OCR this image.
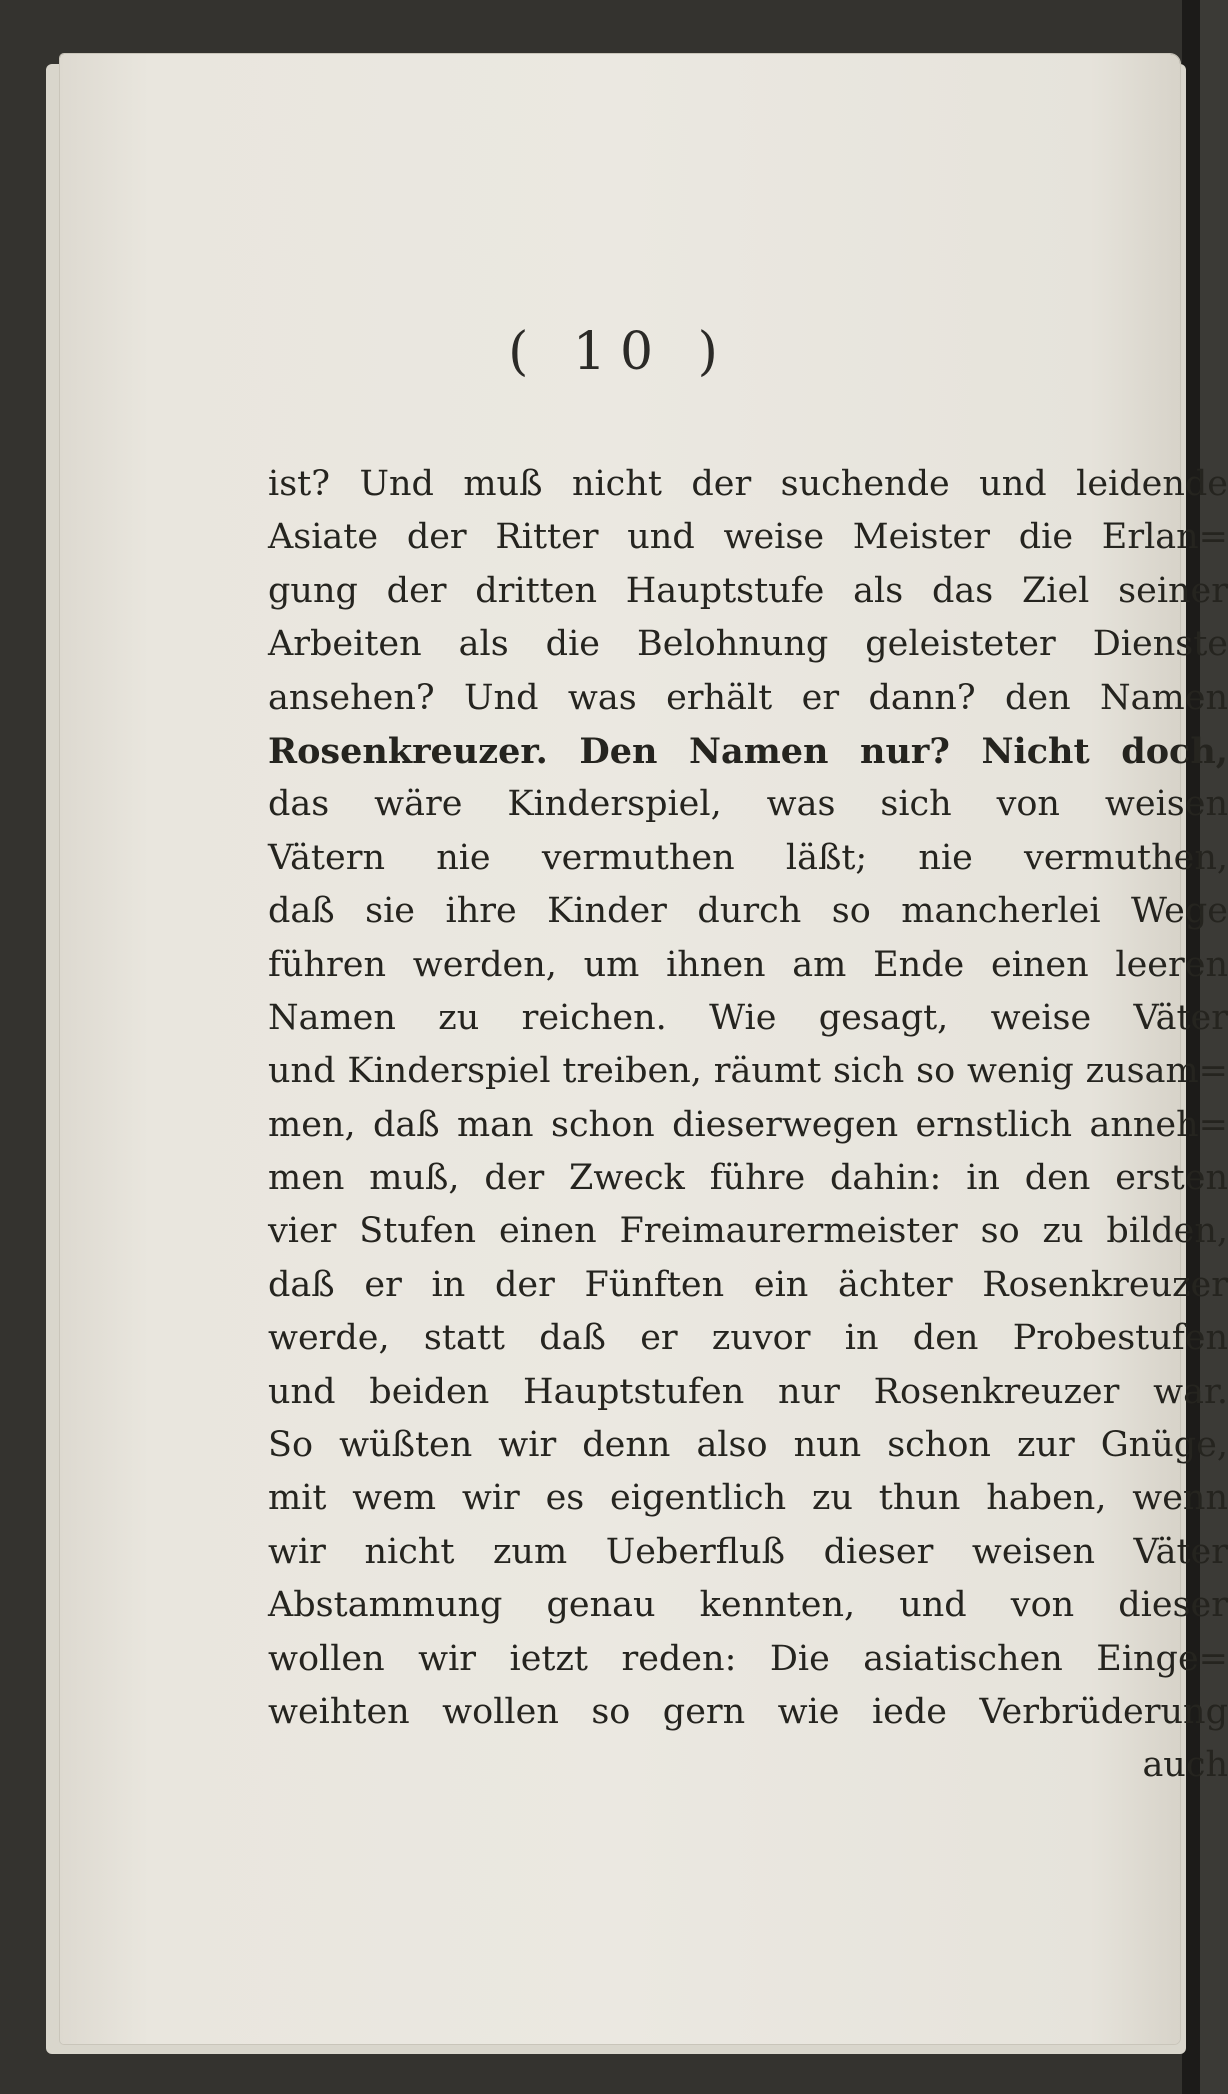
( 10 )
ist? Und muß nicht der suchende und leidende
Asiate der Ritter und weise Meister die Erlan=
gung der dritten Hauptstufe als das Ziel seiner
Arbeiten als die Belohnung geleisteter Dienste
ansehen? Und was erhält er dann? den Namen
Rosenkreuzer. Den Namen nur? Nicht doch,
das wäre Kinderspiel, was sich von weisen
Vätern nie vermuthen läßt; nie vermuthen,
daß sie ihre Kinder durch so mancherlei Wege
führen werden, um ihnen am Ende einen leeren
Namen zu reichen. Wie gesagt, weise Väter
und Kinderspiel treiben, räumt sich so wenig zusam=
men, daß man schon dieserwegen ernstlich anneh=
men muß, der Zweck führe dahin: in den ersten
vier Stufen einen Freimaurermeister so zu bilden,
daß er in der Fünften ein ächter Rosenkreuzer
werde, statt daß er zuvor in den Probestufen
und beiden Hauptstufen nur Rosenkreuzer war.
So wüßten wir denn also nun schon zur Gnüge,
mit wem wir es eigentlich zu thun haben, wenn
wir nicht zum Ueberfluß dieser weisen Väter
Abstammung genau kennten, und von dieser
wollen wir ietzt reden: Die asiatischen Einge=
weihten wollen so gern wie iede Verbrüderung
auch
